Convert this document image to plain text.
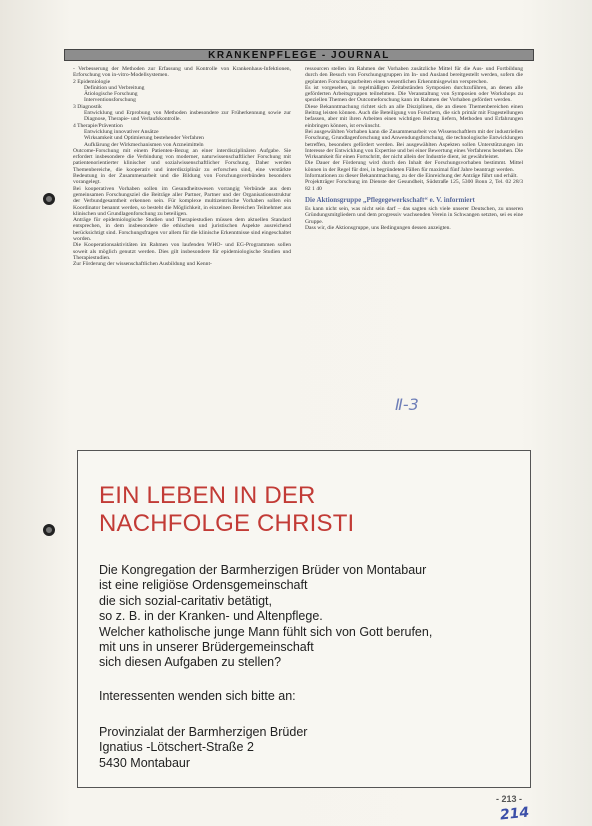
KRANKENPFLEGE - JOURNAL

- Verbesserung der Methoden zur Erfassung und Kontrolle von Krankenhaus-Infektionen, Erforschung von in-vitro-Modellsystemen.

2 Epidemiologie

Definition und Verbreitung

Ätiologische Forschung

Interventionsforschung

3 Diagnostik

Entwicklung und Erprobung von Methoden insbesondere zur Früherkennung sowie zur Diagnose, Therapie- und Verlaufskontrolle.

4 Therapie/Prävention

Entwicklung innovativer Ansätze

Wirksamkeit und Optimierung bestehender Verfahren

Aufklärung der Wirkmechanismen von Arzneimitteln

Outcome-Forschung mit einem Patienten-Bezug an einer interdisziplinären Aufgabe. Sie erfordert insbesondere die Verbindung von moderner, naturwissenschaftlicher Forschung mit patientenorientierter klinischer und sozialwissenschaftlicher Forschung. Daher werden Themenbereiche, die kooperativ und interdisziplinär zu erforschen sind, eine verstärkte Bedeutung in der Zusammenarbeit und die Bildung von Forschungsverbünden besonders vorangelegt.

Bei kooperativen Vorhaben sollen im Gesundheitswesen vorrangig Verbünde aus dem gemeinsamen Forschungsziel die Beiträge aller Partner, Partner und der Organisationsstruktur der Verbundgesamtheit erkennen sein. Für komplexe multizentrische Vorhaben sollen ein Koordinator benannt werden, so besteht die Möglichkeit, in einzelnen Bereichen Teilnehmer aus klinischen und Grundlagenforschung zu beteiligen.

Anträge für epidemiologische Studien und Therapiestudien müssen dem aktuellen Standard entsprechen, in dem insbesondere die ethischen und juristischen Aspekte ausreichend berücksichtigt sind. Forschungsfragen vor allem für die klinische Erkenntnisse sind eingeschaltet worden.

Die Kooperationsaktivitäten im Rahmen von laufenden WHO- und EG-Programmen sollen soweit als möglich genutzt werden. Dies gilt insbesondere für epidemiologische Studien und Therapiestudien.

Zur Förderung der wissenschaftlichen Ausbildung und Kennt-

ressourcen stellen im Rahmen der Vorhaben zusätzliche Mittel für die Aus- und Fortbildung durch den Besuch von Forschungsgruppen im In- und Ausland bereitgestellt werden, sofern die geplanten Forschungsarbeiten einen wesentlichen Erkenntnisgewinn versprechen.

Es ist vorgesehen, in regelmäßigen Zeitabständen Symposien durchzuführen, an denen alle geförderten Arbeitsgruppen teilnehmen. Die Veranstaltung von Symposien oder Workshops zu speziellen Themen der Outcomeforschung kann im Rahmen der Vorhaben gefördert werden.

Diese Bekanntmachung richtet sich an alle Disziplinen, die an diesen Themenbereichen einen Beitrag leisten können. Auch die Beteiligung von Forschern, die sich primär mit Fragestellungen befassen, aber mit ihren Arbeiten einen wichtigen Beitrag liefern, Methoden und Erfahrungen einbringen können, ist erwünscht.

Bei ausgewählten Vorhaben kann die Zusammenarbeit von Wissenschaftlern mit der industriellen Forschung, Grundlagenforschung und Anwendungsforschung, die technologische Entwicklungen betreffen, besonders gefördert werden. Bei ausgewählten Aspekten sollen Unterstützungen im Interesse der Entwicklung von Expertise und bei einer Bewertung eines Verfahrens bestehen. Die Wirksamkeit für einen Fortschritt, der nicht allein der Industrie dient, ist gewährleistet.

Die Dauer der Förderung wird durch den Inhalt der Forschungsvorhaben bestimmt. Mittel können in der Regel für drei, in begründeten Fällen für maximal fünf Jahre beantragt werden.

Informationen zu dieser Bekanntmachung, zu der die Einreichung der Anträge führt und erhält.

Projektträger Forschung im Dienste der Gesundheit, Südstraße 125, 5300 Bonn 2, Tel. 02 28/3 82 1 40

Die Aktionsgruppe „Pflegegewerkschaft“ e. V. informiert

Es kann nicht sein, was nicht sein darf – das sagten sich viele unserer Deutschen, zu unseren Gründungsmitgliedern und dem progressiv wachsenden Verein in Schwangen setzten, sei es eine Gruppe.

Dass wir, die Aktionsgruppe, uns Bedingungen dessen anzeigten.

Ⅱ-3
EIN LEBEN IN DER
NACHFOLGE CHRISTI
Die Kongregation der Barmherzigen Brüder von Montabaur
ist eine religiöse Ordensgemeinschaft
die sich sozial-caritativ betätigt,
so z. B. in der Kranken- und Altenpflege.
Welcher katholische junge Mann fühlt sich von Gott berufen,
mit uns in unserer Brüdergemeinschaft
sich diesen Aufgaben zu stellen?
Interessenten wenden sich bitte an:
Provinzialat der Barmherzigen Brüder
Ignatius -Lötschert-Straße 2
5430 Montabaur
- 213 -
214
